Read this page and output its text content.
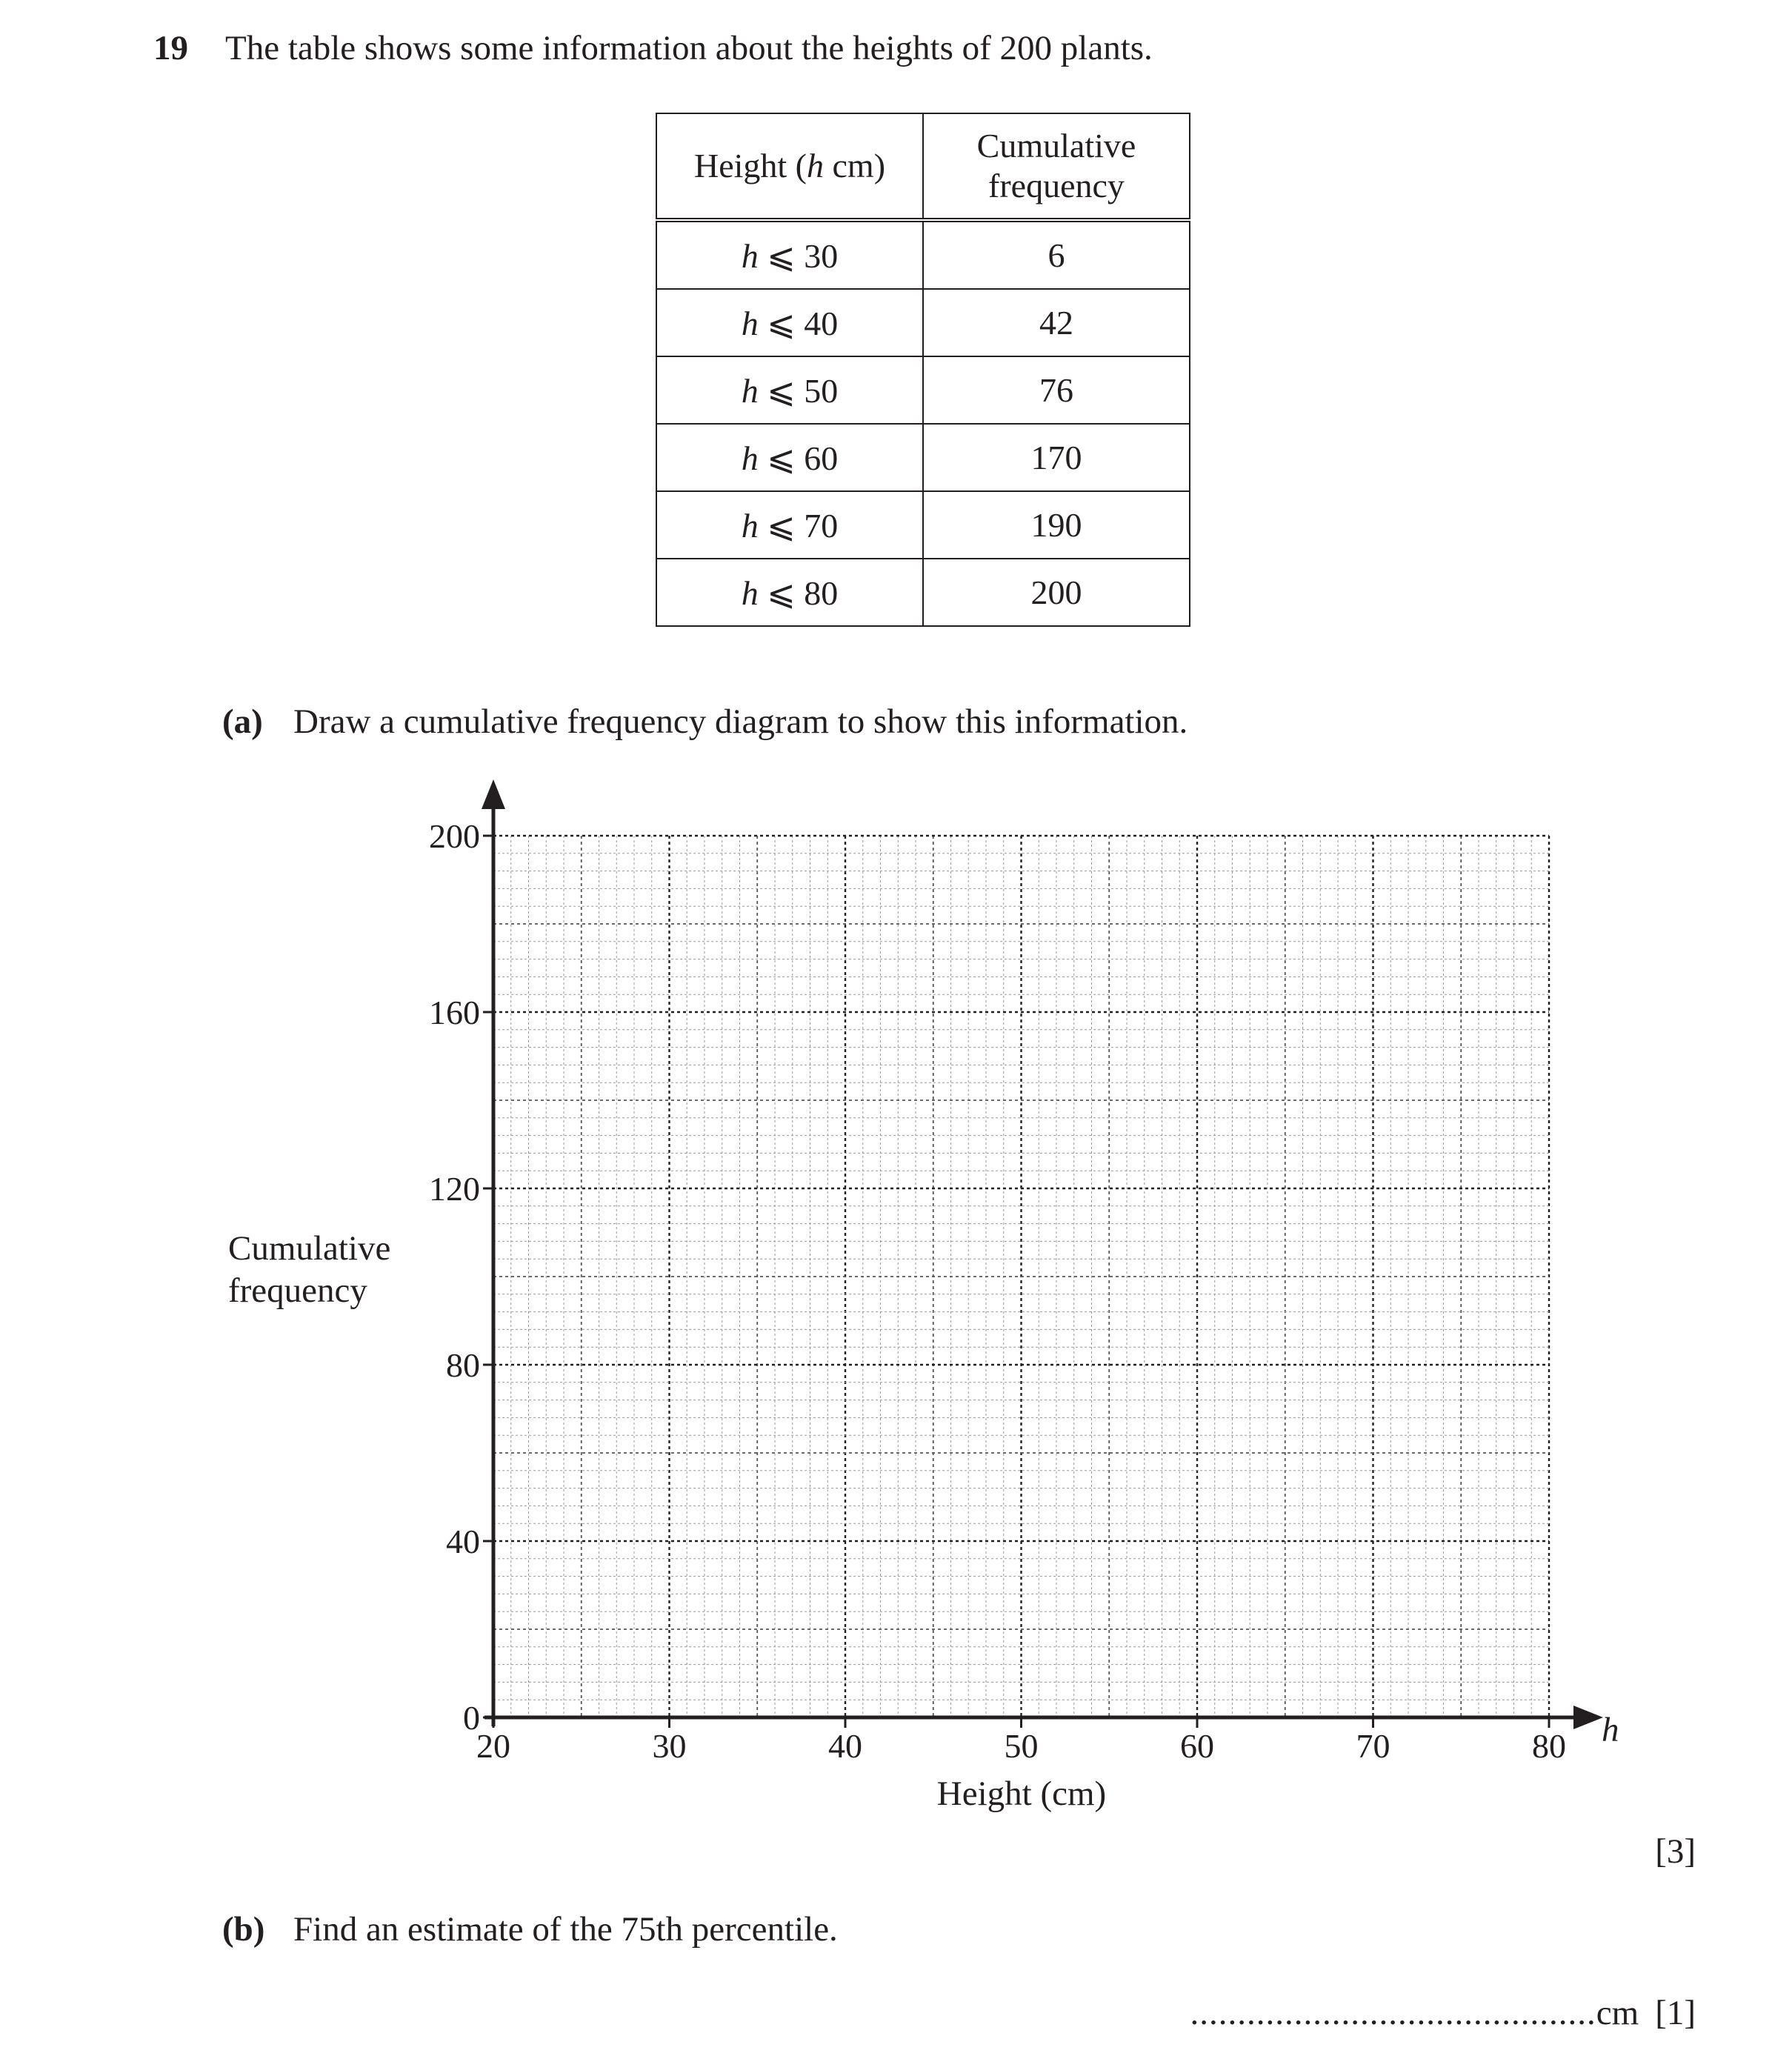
19 The table shows some information about the heights of 200 plants.
Height (h cm)	Cumulative
frequency
h ⩽ 30	6
h ⩽ 40	42
h ⩽ 50	76
h ⩽ 60	170
h ⩽ 70	190
h ⩽ 80	200
(a) Draw a cumulative frequency diagram to show this information.
20	30	40	50	60	70	80
0
40
80
120
160
200
Cumulative
frequency
Height (cm)
h
[3]
(b) Find an estimate of the 75th percentile.
...........................................cm [1]
